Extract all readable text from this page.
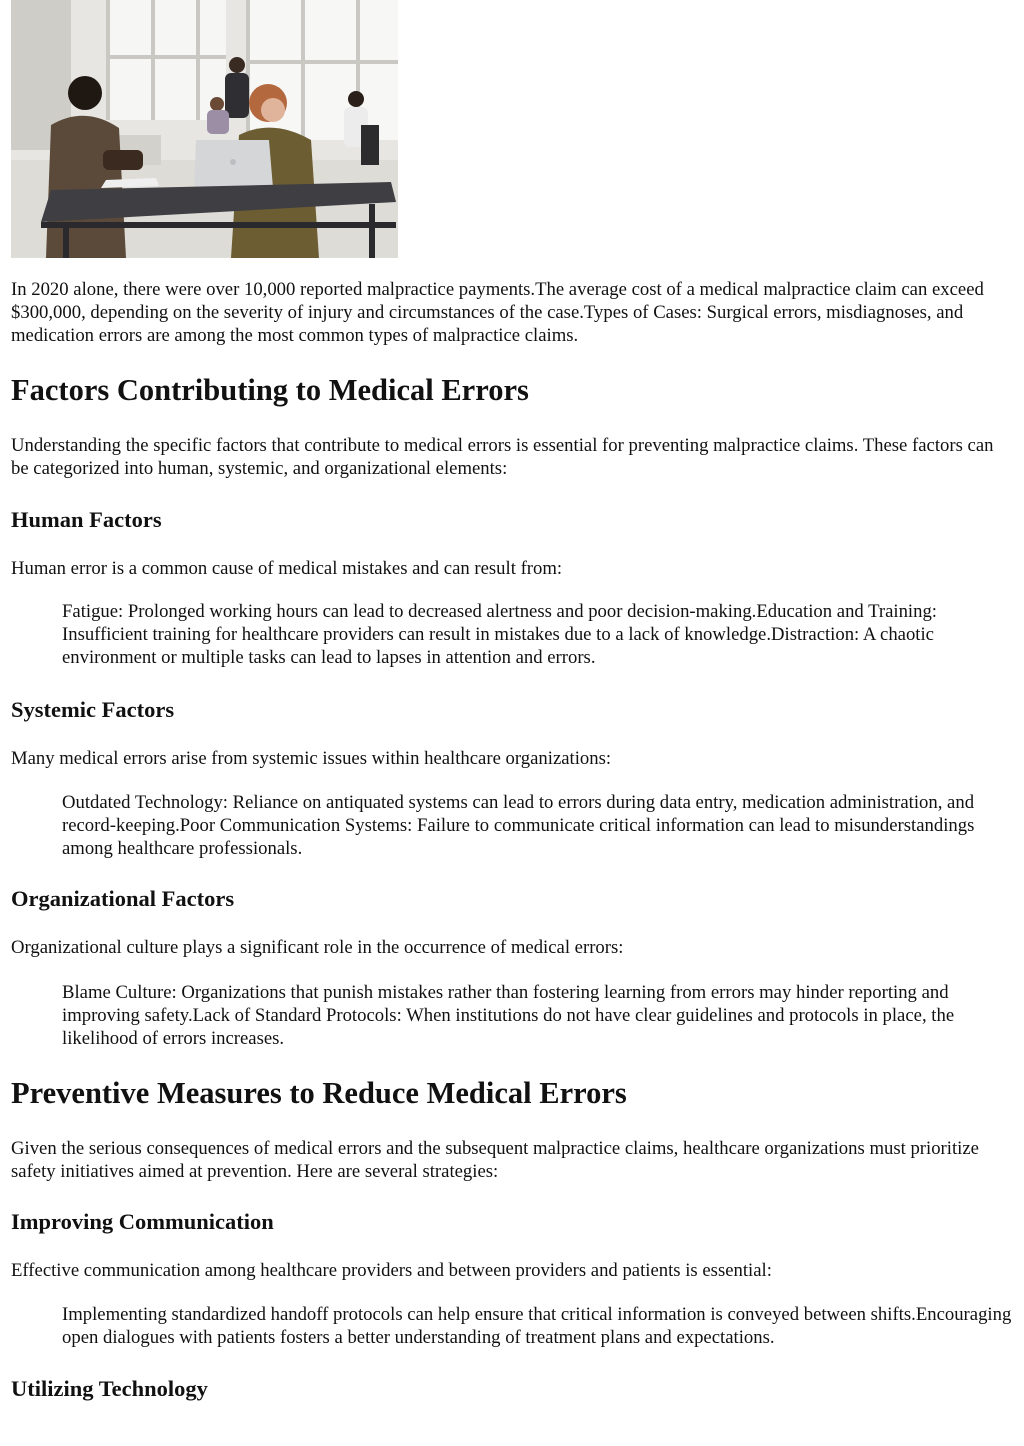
In 2020 alone, there were over 10,000 reported malpractice payments.The average cost of a medical malpractice claim can exceed $300,000, depending on the severity of injury and circumstances of the case.Types of Cases: Surgical errors, misdiagnoses, and medication errors are among the most common types of malpractice claims.

Factors Contributing to Medical Errors

Understanding the specific factors that contribute to medical errors is essential for preventing malpractice claims. These factors can be categorized into human, systemic, and organizational elements:

Human Factors

Human error is a common cause of medical mistakes and can result from:

Fatigue: Prolonged working hours can lead to decreased alertness and poor decision-making.Education and Training: Insufficient training for healthcare providers can result in mistakes due to a lack of knowledge.Distraction: A chaotic environment or multiple tasks can lead to lapses in attention and errors.

Systemic Factors

Many medical errors arise from systemic issues within healthcare organizations:

Outdated Technology: Reliance on antiquated systems can lead to errors during data entry, medication administration, and record-keeping.Poor Communication Systems: Failure to communicate critical information can lead to misunderstandings among healthcare professionals.

Organizational Factors

Organizational culture plays a significant role in the occurrence of medical errors:

Blame Culture: Organizations that punish mistakes rather than fostering learning from errors may hinder reporting and improving safety.Lack of Standard Protocols: When institutions do not have clear guidelines and protocols in place, the likelihood of errors increases.

Preventive Measures to Reduce Medical Errors

Given the serious consequences of medical errors and the subsequent malpractice claims, healthcare organizations must prioritize safety initiatives aimed at prevention. Here are several strategies:

Improving Communication

Effective communication among healthcare providers and between providers and patients is essential:

Implementing standardized handoff protocols can help ensure that critical information is conveyed between shifts.Encouraging open dialogues with patients fosters a better understanding of treatment plans and expectations.

Utilizing Technology
